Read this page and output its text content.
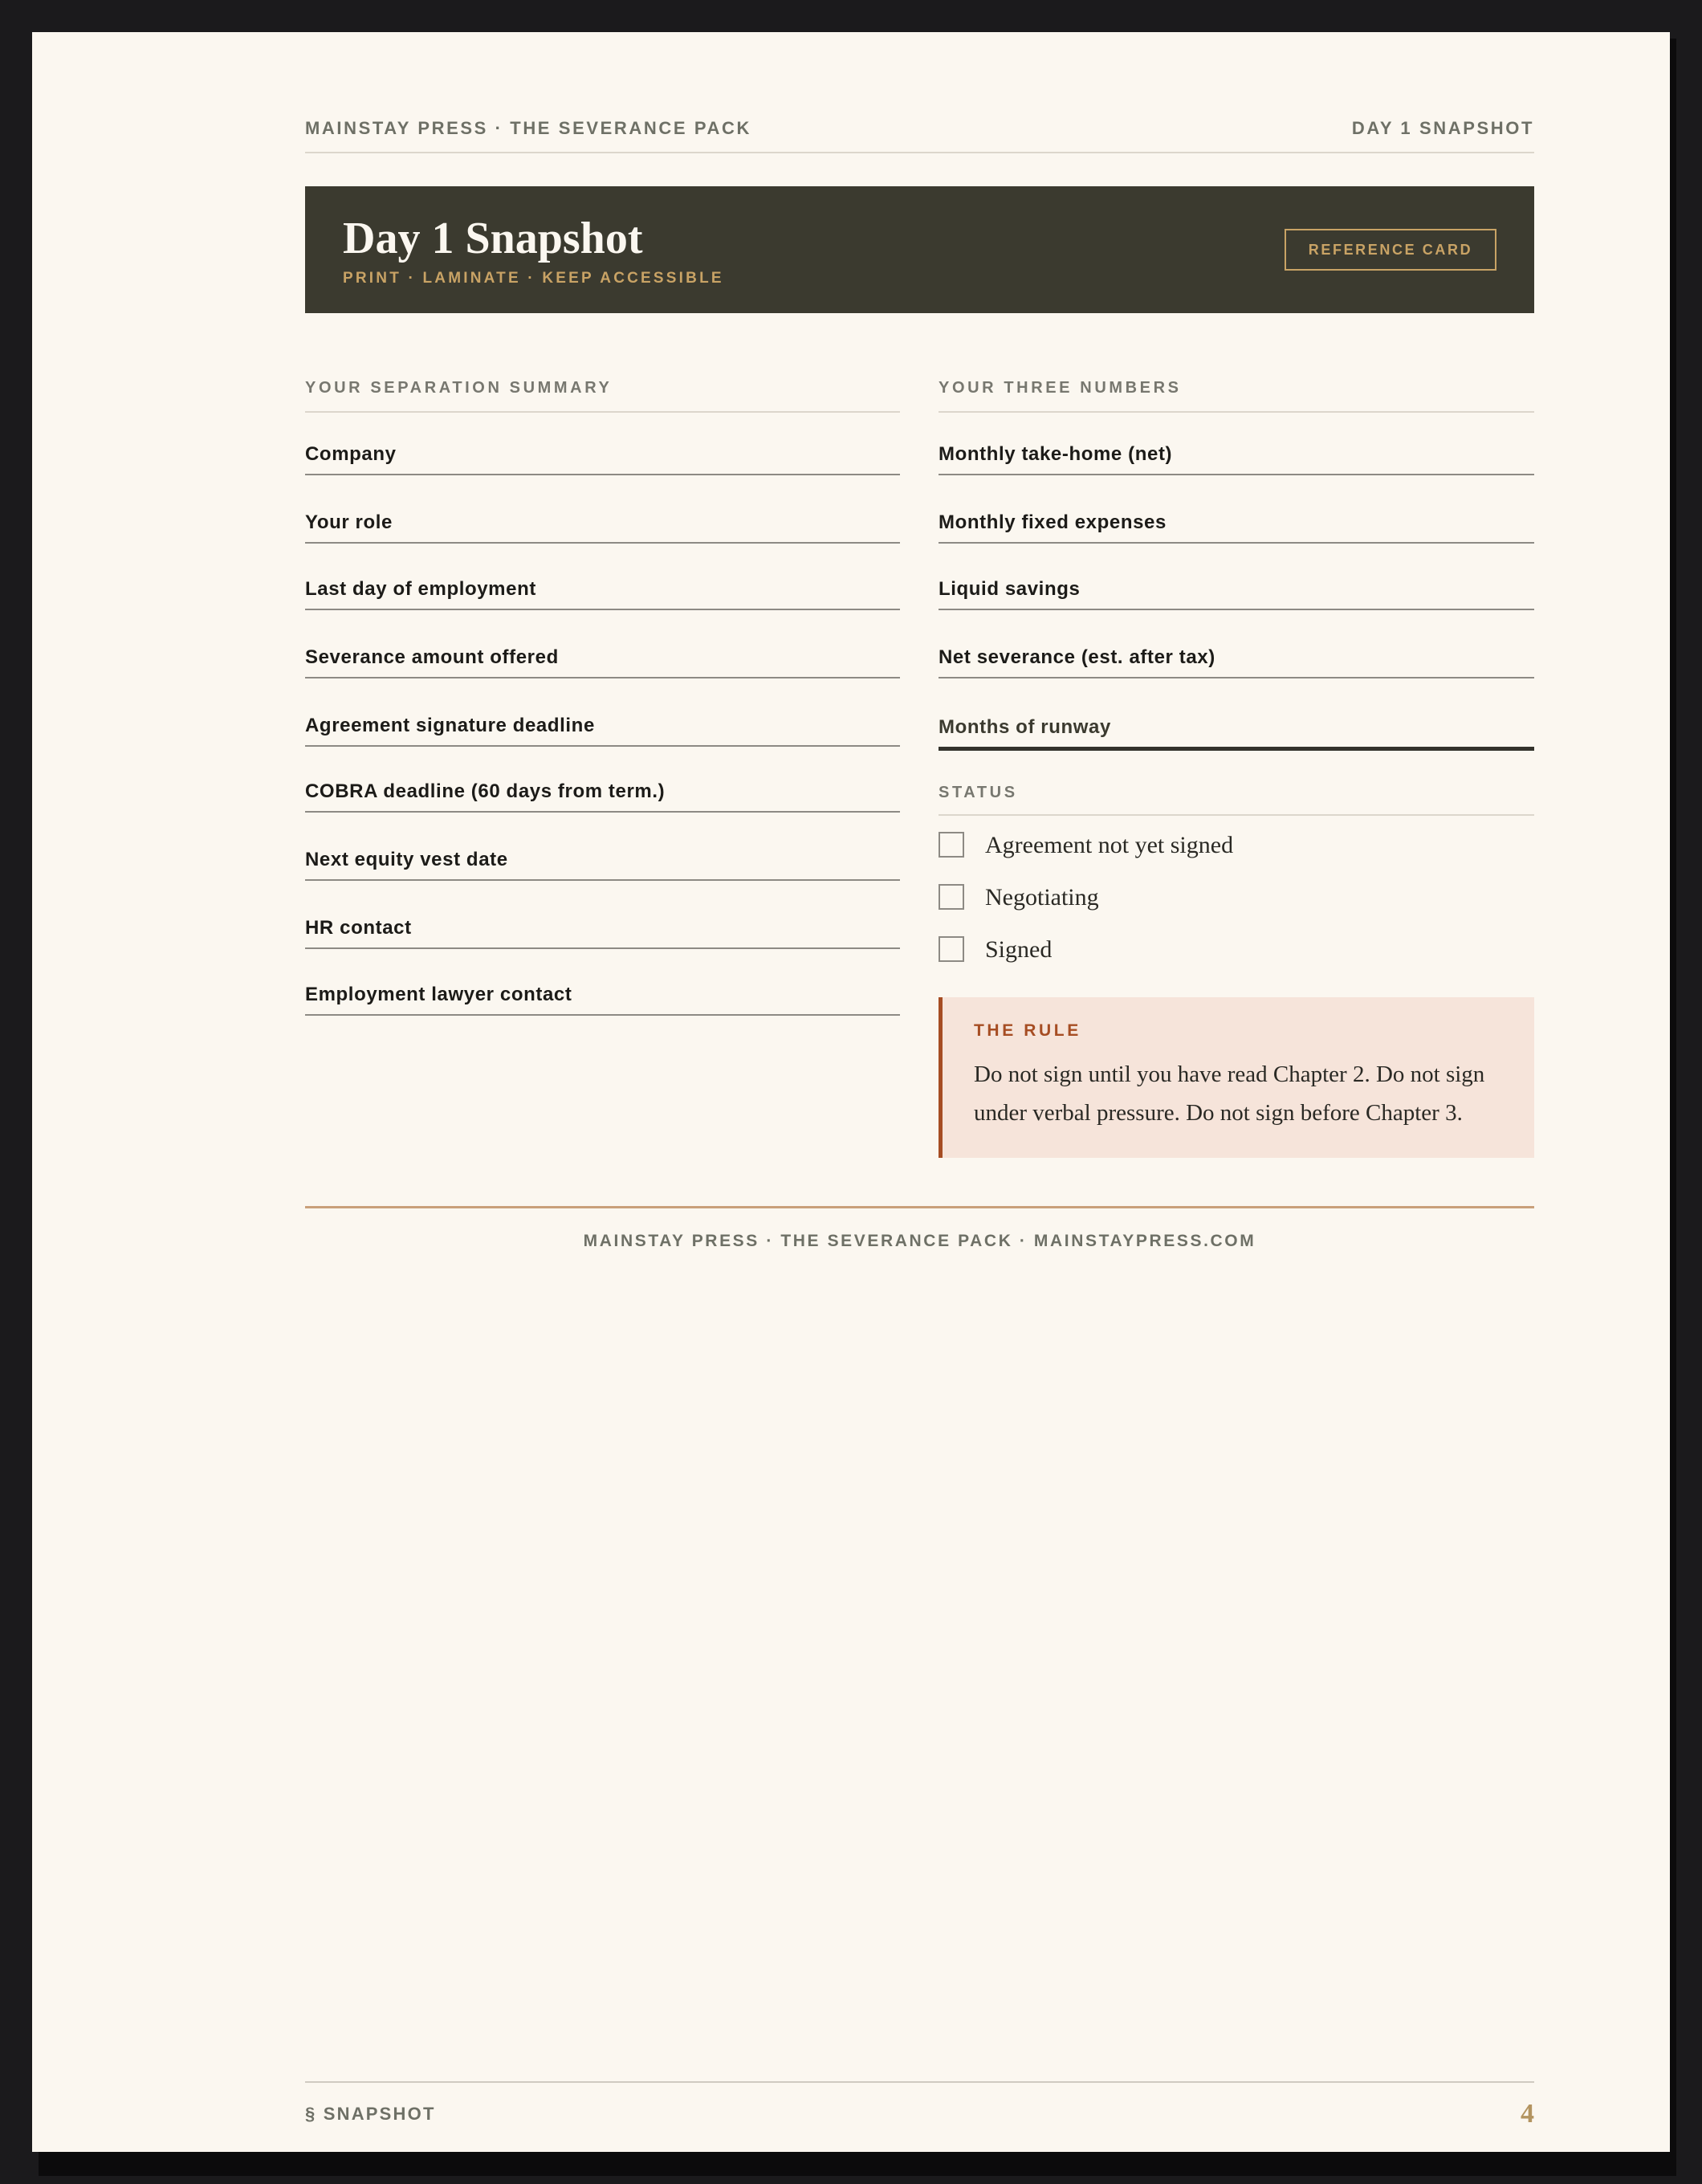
MAINSTAY PRESS · THE SEVERANCE PACK	DAY 1 SNAPSHOT
Day 1 Snapshot
PRINT · LAMINATE · KEEP ACCESSIBLE
REFERENCE CARD
YOUR SEPARATION SUMMARY
Company
Your role
Last day of employment
Severance amount offered
Agreement signature deadline
COBRA deadline (60 days from term.)
Next equity vest date
HR contact
Employment lawyer contact
YOUR THREE NUMBERS
Monthly take-home (net)
Monthly fixed expenses
Liquid savings
Net severance (est. after tax)
Months of runway
STATUS
Agreement not yet signed
Negotiating
Signed
THE RULE
Do not sign until you have read Chapter 2. Do not sign under verbal pressure. Do not sign before Chapter 3.
MAINSTAY PRESS · THE SEVERANCE PACK · MAINSTAYPRESS.COM
§ SNAPSHOT	4
